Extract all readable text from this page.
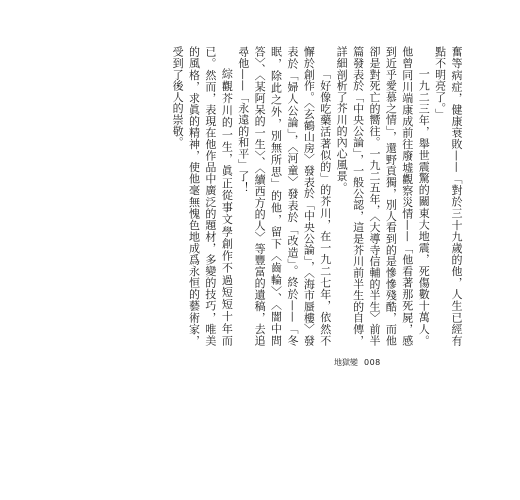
奮等病症，健康衰敗——「對於三十九歲的他，人生已經有點不明亮了。」

一九二三年，舉世震驚的關東大地震，死傷數十萬人。他曾同川端康成前往廢墟觀察災情——「他看著那死屍，感到近乎愛慕之情」，還野貢獨，別人看到的是慘慘殘酷，而他卻是對死亡的嚮往。一九二五年，〈大導寺信輔的半生〉前半篇發表於「中央公論」，一般公認，這是芥川前半生的自傳，詳細剖析了芥川的內心風景。

「好像吃藥活著似的」的芥川，在一九二七年，依然不懈於創作。〈玄鶴山房〉發表於「中央公論」，〈海市蜃樓〉發表於「婦人公論」，〈河童〉發表於「改造」。終於——「冬眠，除此之外，別無所思」的他，留下〈齒輪〉、〈闇中問答〉、〈某阿呆的一生〉、〈續西方的人〉等豐富的遺稿，去追尋他——「永遠的和平」了！

綜觀芥川的一生，眞正從事文學創作不過短短十年而已。然而，表現在他作品中廣泛的題材，多變的技巧，唯美的風格，求眞的精神，使他毫無愧色地成爲永恒的藝術家，受到了後人的崇敬。

地獄變 008
